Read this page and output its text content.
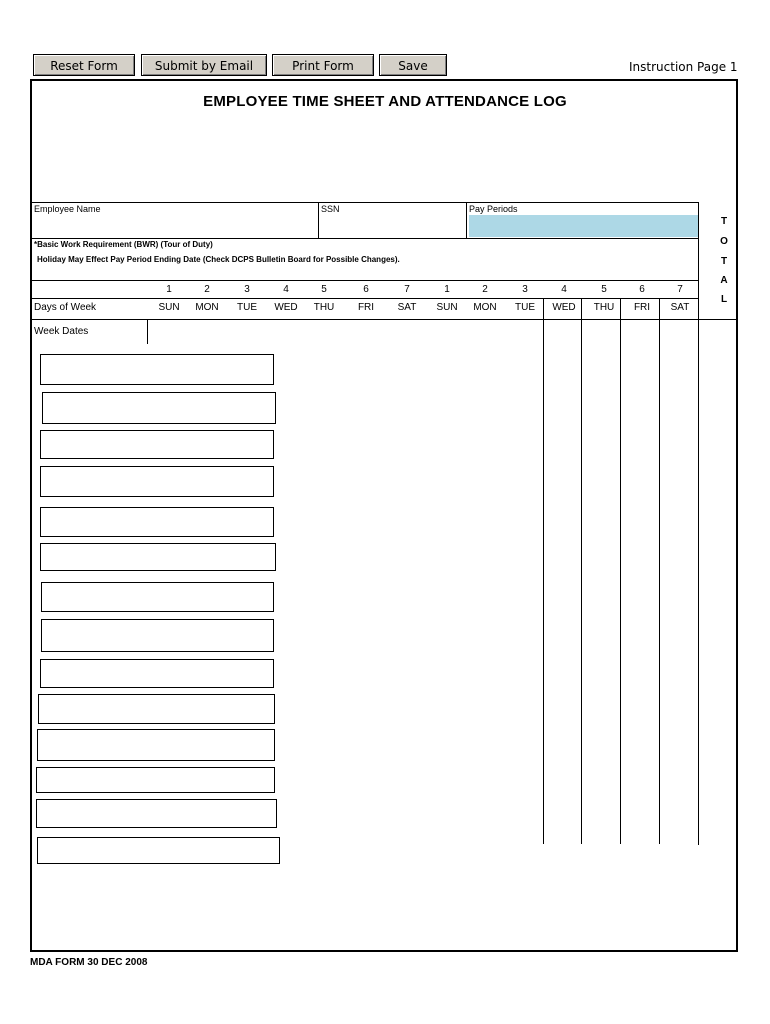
Reset Form	Submit by Email	Print Form	Save	Instruction Page 1
EMPLOYEE TIME SHEET AND ATTENDANCE LOG
Employee Name	SSN	Pay Periods
*Basic Work Requirement (BWR) (Tour of Duty)
Holiday May Effect Pay Period Ending Date (Check DCPS Bulletin Board for Possible Changes).
T
O
T
A
L
1	2	3	4	5	6	7	1	2	3	4	5	6	7
Days of Week	SUN	MON	TUE	WED	THU	FRI	SAT	SUN	MON	TUE	WED	THU	FRI	SAT
Week Dates
MDA FORM 30 DEC 2008
